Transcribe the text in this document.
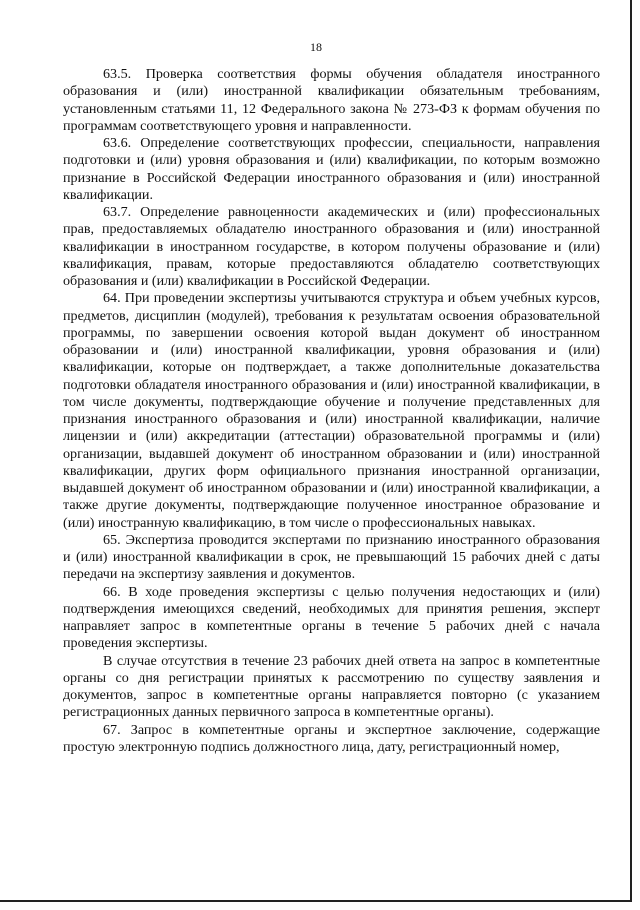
18

63.5. Проверка соответствия формы обучения обладателя иностранного образования и (или) иностранной квалификации обязательным требованиям, установленным статьями 11, 12 Федерального закона № 273-ФЗ к формам обучения по программам соответствующего уровня и направленности.

63.6. Определение соответствующих профессии, специальности, направления подготовки и (или) уровня образования и (или) квалификации, по которым возможно признание в Российской Федерации иностранного образования и (или) иностранной квалификации.

63.7. Определение равноценности академических и (или) профессиональных прав, предоставляемых обладателю иностранного образования и (или) иностранной квалификации в иностранном государстве, в котором получены образование и (или) квалификация, правам, которые предоставляются обладателю соответствующих образования и (или) квалификации в Российской Федерации.

64. При проведении экспертизы учитываются структура и объем учебных курсов, предметов, дисциплин (модулей), требования к результатам освоения образовательной программы, по завершении освоения которой выдан документ об иностранном образовании и (или) иностранной квалификации, уровня образования и (или) квалификации, которые он подтверждает, а также дополнительные доказательства подготовки обладателя иностранного образования и (или) иностранной квалификации, в том числе документы, подтверждающие обучение и получение представленных для признания иностранного образования и (или) иностранной квалификации, наличие лицензии и (или) аккредитации (аттестации) образовательной программы и (или) организации, выдавшей документ об иностранном образовании и (или) иностранной квалификации, других форм официального признания иностранной организации, выдавшей документ об иностранном образовании и (или) иностранной квалификации, а также другие документы, подтверждающие полученное иностранное образование и (или) иностранную квалификацию, в том числе о профессиональных навыках.

65. Экспертиза проводится экспертами по признанию иностранного образования и (или) иностранной квалификации в срок, не превышающий 15 рабочих дней с даты передачи на экспертизу заявления и документов.

66. В ходе проведения экспертизы с целью получения недостающих и (или) подтверждения имеющихся сведений, необходимых для принятия решения, эксперт направляет запрос в компетентные органы в течение 5 рабочих дней с начала проведения экспертизы.

В случае отсутствия в течение 23 рабочих дней ответа на запрос в компетентные органы со дня регистрации принятых к рассмотрению по существу заявления и документов, запрос в компетентные органы направляется повторно (с указанием регистрационных данных первичного запроса в компетентные органы).

67. Запрос в компетентные органы и экспертное заключение, содержащие простую электронную подпись должностного лица, дату, регистрационный номер,
